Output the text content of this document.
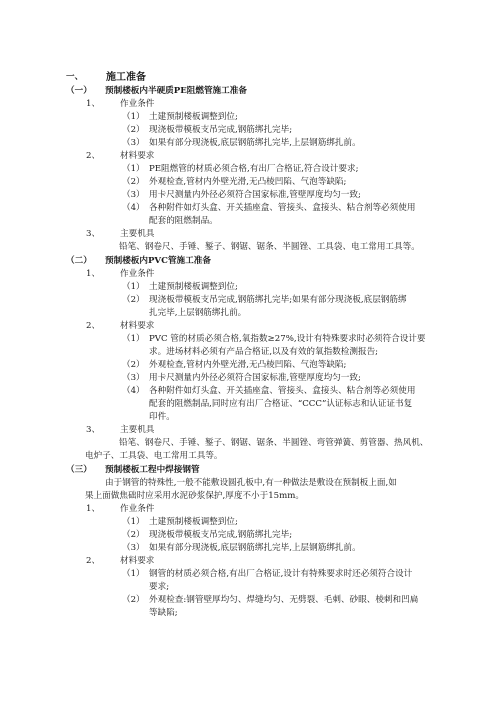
一、 施工准备
（一） 预制楼板内半硬质PE阻燃管施工准备
1、 作业条件
（1） 土建预制楼板调整到位;
（2） 现浇板带模板支吊完成,钢筋绑扎完毕;
（3） 如果有部分现浇板,底层钢筋绑扎完毕,上层钢筋绑扎前。
2、 材料要求
（1） PE阻燃管的材质必须合格,有出厂合格证,符合设计要求;
（2） 外观检查,管材内外壁光滑,无凸棱凹陷、气泡等缺陷;
（3） 用卡尺测量内外径必须符合国家标准,管壁厚度均匀一致;
（4） 各种附件如灯头盒、开关插座盒、管接头、盒接头、粘合剂等必须使用
配套的阻燃制品。
3、 主要机具
铅笔、钢卷尺、手锤、錾子、钢锯、锯条、半圆锉、工具袋、电工常用工具等。
（二） 预制楼板内PVC管施工准备
1、 作业条件
（1） 土建预制楼板调整到位;
（2） 现浇板带模板支吊完成,钢筋绑扎完毕;如果有部分现浇板,底层钢筋绑
扎完毕,上层钢筋绑扎前。
2、 材料要求
（1） PVC 管的材质必须合格,氧指数≥27%,设计有特殊要求时必须符合设计要
求。进场材料必须有产品合格证,以及有效的氧指数检测报告;
（2） 外观检查,管材内外壁光滑,无凸棱凹陷、气泡等缺陷;
（3） 用卡尺测量内外径必须符合国家标准,管壁厚度均匀一致;
（4） 各种附件如灯头盒、开关插座盒、管接头、盒接头、粘合剂等必须使用
配套的阻燃制品,同时应有出厂合格证、“CCC”认证标志和认证证书复
印件。
3、 主要机具
铅笔、钢卷尺、手锤、錾子、钢锯、锯条、半圆锉、弯管弹簧、剪管器、热风机、
电炉子、工具袋、电工常用工具等。
（三） 预制楼板工程中焊接钢管
由于钢管的特殊性,一般不能敷设圆孔板中,有一种做法是敷设在预制板上面,如
果上面做焦础时应采用水泥砂浆保护,厚度不小于15mm。
1、 作业条件
（1） 土建预制楼板调整到位;
（2） 现浇板带模板支吊完成,钢筋绑扎完毕;
（3） 如果有部分现浇板,底层钢筋绑扎完毕,上层钢筋绑扎前。
2、 材料要求
（1） 钢管的材质必须合格,有出厂合格证,设计有特殊要求时还必须符合设计
要求;
（2） 外观检查:钢管壁厚均匀、焊缝均匀、无劈裂、毛刺、砂眼、棱刺和凹扁
等缺陷;
